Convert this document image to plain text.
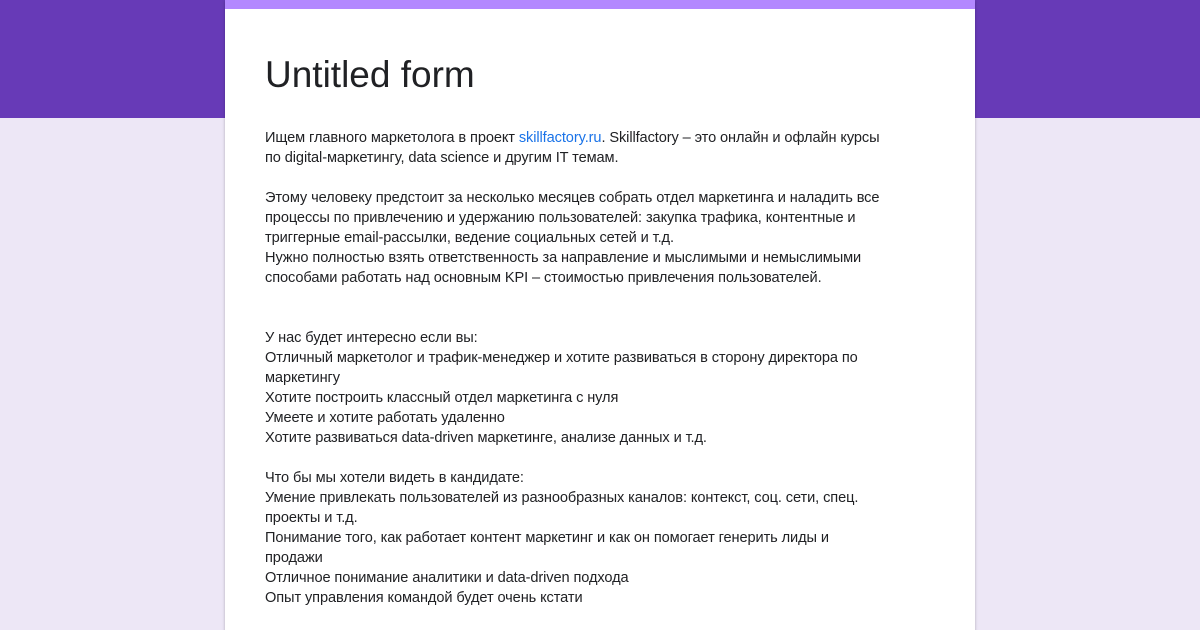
Untitled form
Ищем главного маркетолога в проект skillfactory.ru. Skillfactory – это онлайн и офлайн курсы
по digital-маркетингу, data science и другим IT темам.
Этому человеку предстоит за несколько месяцев собрать отдел маркетинга и наладить все
процессы по привлечению и удержанию пользователей: закупка трафика, контентные и
триггерные email-рассылки, ведение социальных сетей и т.д.
Нужно полностью взять ответственность за направление и мыслимыми и немыслимыми
способами работать над основным KPI – стоимостью привлечения пользователей.
У нас будет интересно если вы:
Отличный маркетолог и трафик-менеджер и хотите развиваться в сторону директора по
маркетингу
Хотите построить классный отдел маркетинга с нуля
Умеете и хотите работать удаленно
Хотите развиваться data-driven маркетинге, анализе данных и т.д.
Что бы мы хотели видеть в кандидате:
Умение привлекать пользователей из разнообразных каналов: контекст, соц. сети, спец.
проекты и т.д.
Понимание того, как работает контент маркетинг и как он помогает генерить лиды и
продажи
Отличное понимание аналитики и data-driven подхода
Опыт управления командой будет очень кстати
